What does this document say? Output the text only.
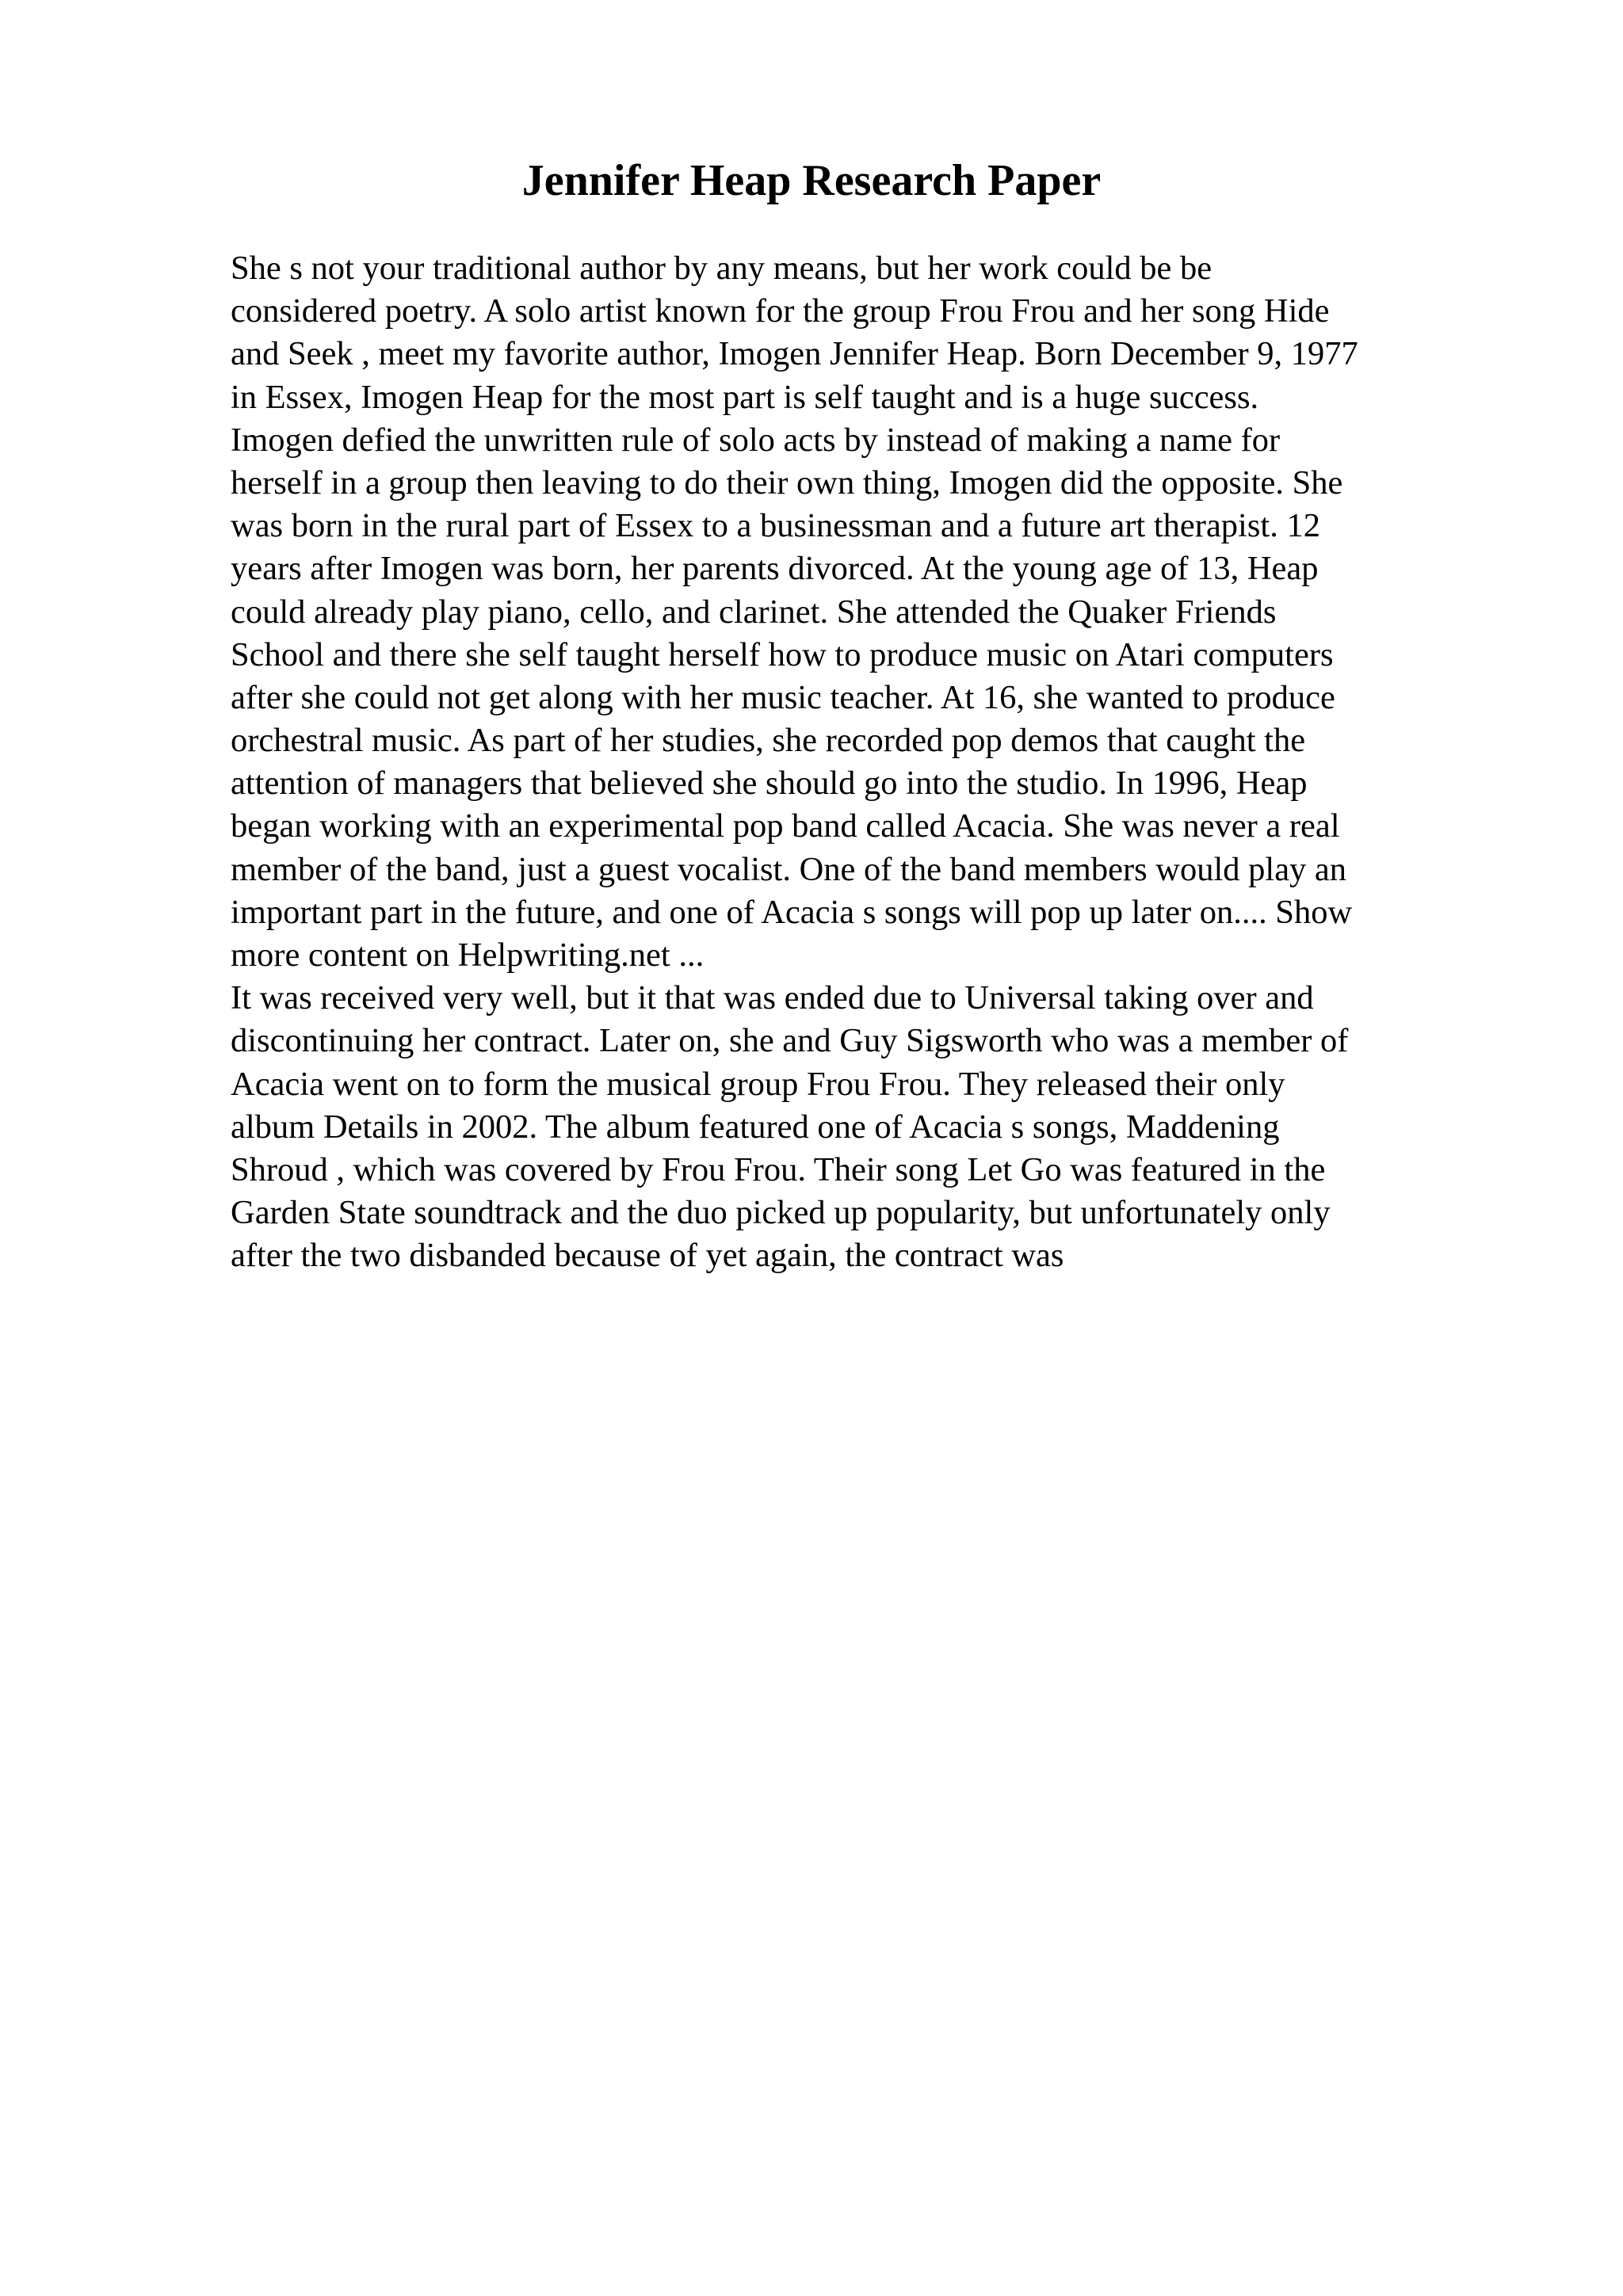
Jennifer Heap Research Paper
She s not your traditional author by any means, but her work could be be
considered poetry. A solo artist known for the group Frou Frou and her song Hide
and Seek , meet my favorite author, Imogen Jennifer Heap. Born December 9, 1977
in Essex, Imogen Heap for the most part is self taught and is a huge success.
Imogen defied the unwritten rule of solo acts by instead of making a name for
herself in a group then leaving to do their own thing, Imogen did the opposite. She
was born in the rural part of Essex to a businessman and a future art therapist. 12
years after Imogen was born, her parents divorced. At the young age of 13, Heap
could already play piano, cello, and clarinet. She attended the Quaker Friends
School and there she self taught herself how to produce music on Atari computers
after she could not get along with her music teacher. At 16, she wanted to produce
orchestral music. As part of her studies, she recorded pop demos that caught the
attention of managers that believed she should go into the studio. In 1996, Heap
began working with an experimental pop band called Acacia. She was never a real
member of the band, just a guest vocalist. One of the band members would play an
important part in the future, and one of Acacia s songs will pop up later on.... Show
more content on Helpwriting.net ...
It was received very well, but it that was ended due to Universal taking over and
discontinuing her contract. Later on, she and Guy Sigsworth who was a member of
Acacia went on to form the musical group Frou Frou. They released their only
album Details in 2002. The album featured one of Acacia s songs, Maddening
Shroud , which was covered by Frou Frou. Their song Let Go was featured in the
Garden State soundtrack and the duo picked up popularity, but unfortunately only
after the two disbanded because of yet again, the contract was
